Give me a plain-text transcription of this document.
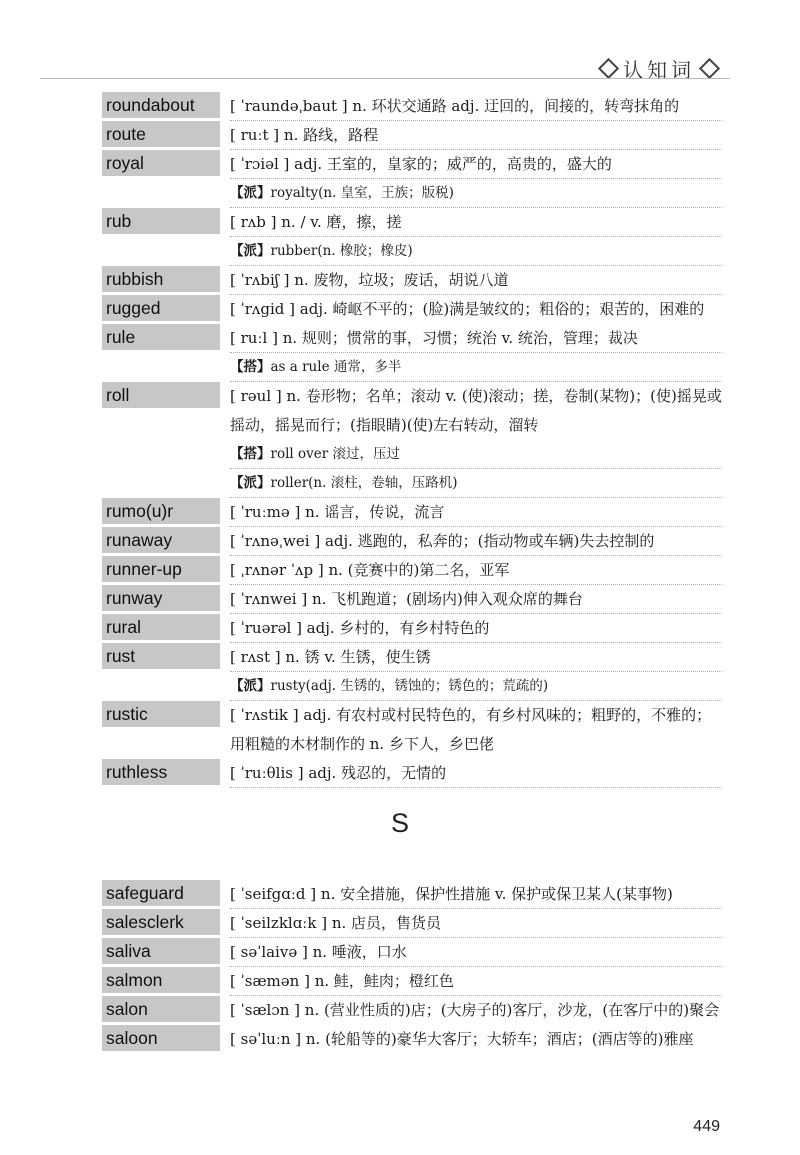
认知词
roundabout	[ ˈraundəˌbaut ] n. 环状交通路 adj. 迂回的，间接的，转弯抹角的
route	[ ruːt ] n. 路线，路程
royal	[ ˈrɔiəl ] adj. 王室的，皇家的；威严的，高贵的，盛大的
【派】royalty(n. 皇室，王族；版税)
rub	[ rʌb ] n. / v. 磨，擦，搓
【派】rubber(n. 橡胶；橡皮)
rubbish	[ ˈrʌbiʃ ] n. 废物，垃圾；废话，胡说八道
rugged	[ ˈrʌgid ] adj. 崎岖不平的；(脸)满是皱纹的；粗俗的；艰苦的，困难的
rule	[ ruːl ] n. 规则；惯常的事，习惯；统治 v. 统治，管理；裁决
【搭】as a rule 通常，多半
roll	[ rəul ] n. 卷形物；名单；滚动 v. (使)滚动；搓，卷制(某物)；(使)摇晃或摇动，摇晃而行；(指眼睛)(使)左右转动，溜转
【搭】roll over 滚过，压过
【派】roller(n. 滚柱，卷轴，压路机)
rumo(u)r	[ ˈruːmə ] n. 谣言，传说，流言
runaway	[ ˈrʌnəˌwei ] adj. 逃跑的，私奔的；(指动物或车辆)失去控制的
runner-up	[ ˌrʌnər ˈʌp ] n. (竞赛中的)第二名，亚军
runway	[ ˈrʌnwei ] n. 飞机跑道；(剧场内)伸入观众席的舞台
rural	[ ˈruərəl ] adj. 乡村的，有乡村特色的
rust	[ rʌst ] n. 锈 v. 生锈，使生锈
【派】rusty(adj. 生锈的，锈蚀的；锈色的；荒疏的)
rustic	[ ˈrʌstik ] adj. 有农村或村民特色的，有乡村风味的；粗野的，不雅的；用粗糙的木材制作的 n. 乡下人，乡巴佬
ruthless	[ ˈruːθlis ] adj. 残忍的，无情的
S
safeguard	[ ˈseifgɑːd ] n. 安全措施，保护性措施 v. 保护或保卫某人(某事物)
salesclerk	[ ˈseilzklɑːk ] n. 店员，售货员
saliva	[ səˈlaivə ] n. 唾液，口水
salmon	[ ˈsæmən ] n. 鲑，鲑肉；橙红色
salon	[ ˈsælɔn ] n. (营业性质的)店；(大房子的)客厅，沙龙，(在客厅中的)聚会
saloon	[ səˈluːn ] n. (轮船等的)豪华大客厅；大轿车；酒店；(酒店等的)雅座
449
